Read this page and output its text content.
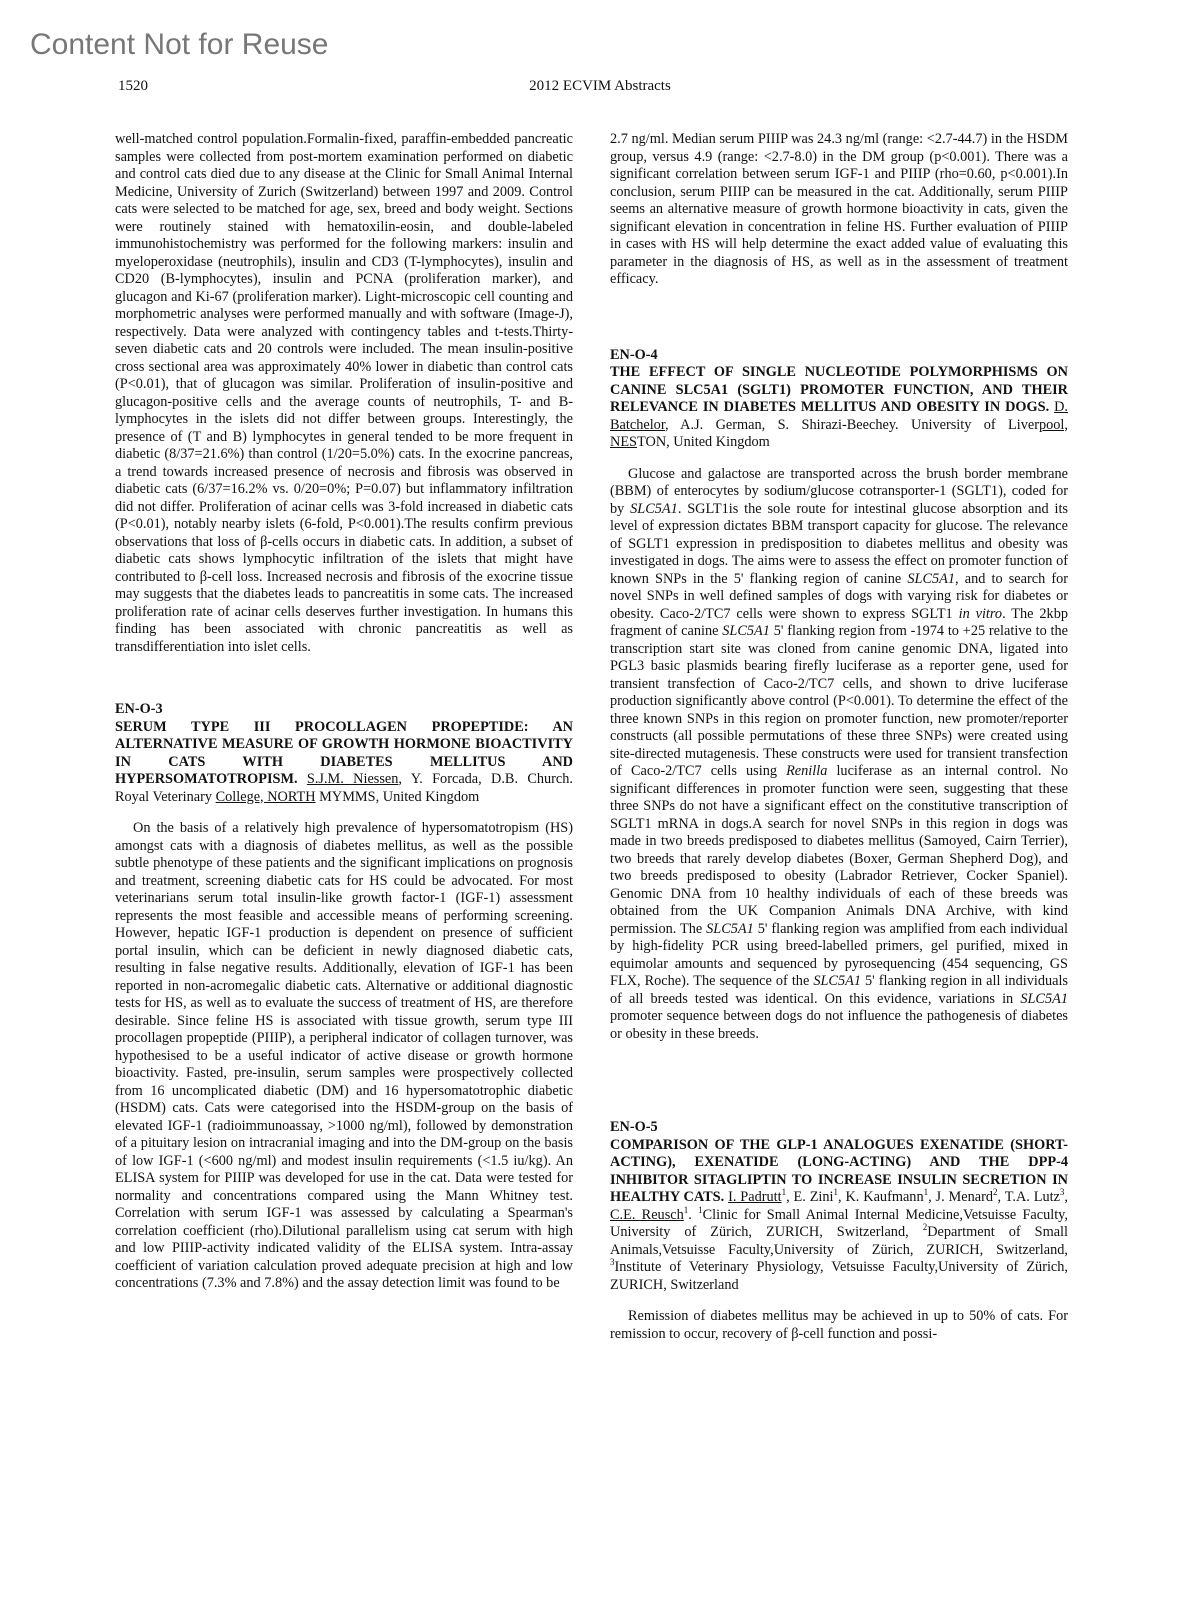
Content Not for Reuse
1520	2012 ECVIM Abstracts

well-matched control population.Formalin-fixed, paraffin-embedded pancreatic samples were collected from post-mortem examination performed on diabetic and control cats died due to any disease at the Clinic for Small Animal Internal Medicine, University of Zurich (Switzerland) between 1997 and 2009. Control cats were selected to be matched for age, sex, breed and body weight. Sections were routinely stained with hematoxilin-eosin, and double-labeled immunohistochemistry was performed for the following markers: insulin and myeloperoxidase (neutrophils), insulin and CD3 (T-lymphocytes), insulin and CD20 (B-lymphocytes), insulin and PCNA (proliferation marker), and glucagon and Ki-67 (proliferation marker). Light-microscopic cell counting and morphometric analyses were performed manually and with software (Image-J), respectively. Data were analyzed with contingency tables and t-tests.Thirty-seven diabetic cats and 20 controls were included. The mean insulin-positive cross sectional area was approximately 40% lower in diabetic than control cats (P<0.01), that of glucagon was similar. Proliferation of insulin-positive and glucagon-positive cells and the average counts of neutrophils, T- and B-lymphocytes in the islets did not differ between groups. Interestingly, the presence of (T and B) lymphocytes in general tended to be more frequent in diabetic (8/37=21.6%) than control (1/20=5.0%) cats. In the exocrine pancreas, a trend towards increased presence of necrosis and fibrosis was observed in diabetic cats (6/37=16.2% vs. 0/20=0%; P=0.07) but inflammatory infiltration did not differ. Proliferation of acinar cells was 3-fold increased in diabetic cats (P<0.01), notably nearby islets (6-fold, P<0.001).The results confirm previous observations that loss of β-cells occurs in diabetic cats. In addition, a subset of diabetic cats shows lymphocytic infiltration of the islets that might have contributed to β-cell loss. Increased necrosis and fibrosis of the exocrine tissue may suggests that the diabetes leads to pancreatitis in some cats. The increased proliferation rate of acinar cells deserves further investigation. In humans this finding has been associated with chronic pancreatitis as well as transdifferentiation into islet cells.

EN-O-3

SERUM TYPE III PROCOLLAGEN PROPEPTIDE: AN ALTERNATIVE MEASURE OF GROWTH HORMONE BIOACTIVITY IN CATS WITH DIABETES MELLITUS AND HYPERSOMATOTROPISM. S.J.M. Niessen, Y. Forcada, D.B. Church. Royal Veterinary College, NORTH MYMMS, United Kingdom

On the basis of a relatively high prevalence of hypersomatotropism (HS) amongst cats with a diagnosis of diabetes mellitus, as well as the possible subtle phenotype of these patients and the significant implications on prognosis and treatment, screening diabetic cats for HS could be advocated. For most veterinarians serum total insulin-like growth factor-1 (IGF-1) assessment represents the most feasible and accessible means of performing screening. However, hepatic IGF-1 production is dependent on presence of sufficient portal insulin, which can be deficient in newly diagnosed diabetic cats, resulting in false negative results. Additionally, elevation of IGF-1 has been reported in non-acromegalic diabetic cats. Alternative or additional diagnostic tests for HS, as well as to evaluate the success of treatment of HS, are therefore desirable. Since feline HS is associated with tissue growth, serum type III procollagen propeptide (PIIIP), a peripheral indicator of collagen turnover, was hypothesised to be a useful indicator of active disease or growth hormone bioactivity. Fasted, pre-insulin, serum samples were prospectively collected from 16 uncomplicated diabetic (DM) and 16 hypersomatotrophic diabetic (HSDM) cats. Cats were categorised into the HSDM-group on the basis of elevated IGF-1 (radioimmunoassay, >1000 ng/ml), followed by demonstration of a pituitary lesion on intracranial imaging and into the DM-group on the basis of low IGF-1 (<600 ng/ml) and modest insulin requirements (<1.5 iu/kg). An ELISA system for PIIIP was developed for use in the cat. Data were tested for normality and concentrations compared using the Mann Whitney test. Correlation with serum IGF-1 was assessed by calculating a Spearman's correlation coefficient (rho).Dilutional parallelism using cat serum with high and low PIIIP-activity indicated validity of the ELISA system. Intra-assay coefficient of variation calculation proved adequate precision at high and low concentrations (7.3% and 7.8%) and the assay detection limit was found to be

2.7 ng/ml. Median serum PIIIP was 24.3 ng/ml (range: <2.7-44.7) in the HSDM group, versus 4.9 (range: <2.7-8.0) in the DM group (p<0.001). There was a significant correlation between serum IGF-1 and PIIIP (rho=0.60, p<0.001).In conclusion, serum PIIIP can be measured in the cat. Additionally, serum PIIIP seems an alternative measure of growth hormone bioactivity in cats, given the significant elevation in concentration in feline HS. Further evaluation of PIIIP in cases with HS will help determine the exact added value of evaluating this parameter in the diagnosis of HS, as well as in the assessment of treatment efficacy.

EN-O-4

THE EFFECT OF SINGLE NUCLEOTIDE POLYMORPHISMS ON CANINE SLC5A1 (SGLT1) PROMOTER FUNCTION, AND THEIR RELEVANCE IN DIABETES MELLITUS AND OBESITY IN DOGS. D. Batchelor, A.J. German, S. Shirazi-Beechey. University of Liverpool, NESTON, United Kingdom

Glucose and galactose are transported across the brush border membrane (BBM) of enterocytes by sodium/glucose cotransporter-1 (SGLT1), coded for by SLC5A1. SGLT1is the sole route for intestinal glucose absorption and its level of expression dictates BBM transport capacity for glucose. The relevance of SGLT1 expression in predisposition to diabetes mellitus and obesity was investigated in dogs. The aims were to assess the effect on promoter function of known SNPs in the 5' flanking region of canine SLC5A1, and to search for novel SNPs in well defined samples of dogs with varying risk for diabetes or obesity. Caco-2/TC7 cells were shown to express SGLT1 in vitro. The 2kbp fragment of canine SLC5A1 5' flanking region from -1974 to +25 relative to the transcription start site was cloned from canine genomic DNA, ligated into PGL3 basic plasmids bearing firefly luciferase as a reporter gene, used for transient transfection of Caco-2/TC7 cells, and shown to drive luciferase production significantly above control (P<0.001). To determine the effect of the three known SNPs in this region on promoter function, new promoter/reporter constructs (all possible permutations of these three SNPs) were created using site-directed mutagenesis. These constructs were used for transient transfection of Caco-2/TC7 cells using Renilla luciferase as an internal control. No significant differences in promoter function were seen, suggesting that these three SNPs do not have a significant effect on the constitutive transcription of SGLT1 mRNA in dogs.A search for novel SNPs in this region in dogs was made in two breeds predisposed to diabetes mellitus (Samoyed, Cairn Terrier), two breeds that rarely develop diabetes (Boxer, German Shepherd Dog), and two breeds predisposed to obesity (Labrador Retriever, Cocker Spaniel). Genomic DNA from 10 healthy individuals of each of these breeds was obtained from the UK Companion Animals DNA Archive, with kind permission. The SLC5A1 5' flanking region was amplified from each individual by high-fidelity PCR using breed-labelled primers, gel purified, mixed in equimolar amounts and sequenced by pyrosequencing (454 sequencing, GS FLX, Roche). The sequence of the SLC5A1 5' flanking region in all individuals of all breeds tested was identical. On this evidence, variations in SLC5A1 promoter sequence between dogs do not influence the pathogenesis of diabetes or obesity in these breeds.

EN-O-5

COMPARISON OF THE GLP-1 ANALOGUES EXENATIDE (SHORT-ACTING), EXENATIDE (LONG-ACTING) AND THE DPP-4 INHIBITOR SITAGLIPTIN TO INCREASE INSULIN SECRETION IN HEALTHY CATS. I. Padrutt$^1$, E. Zini$^1$, K. Kaufmann$^1$, J. Menard$^2$, T.A. Lutz$^3$, C.E. Reusch$^1$. $^1$Clinic for Small Animal Internal Medicine,Vetsuisse Faculty, University of Zürich, ZURICH, Switzerland, $^2$Department of Small Animals,Vetsuisse Faculty,University of Zürich, ZURICH, Switzerland, $^3$Institute of Veterinary Physiology, Vetsuisse Faculty,University of Zürich, ZURICH, Switzerland

Remission of diabetes mellitus may be achieved in up to 50% of cats. For remission to occur, recovery of β-cell function and possi-
